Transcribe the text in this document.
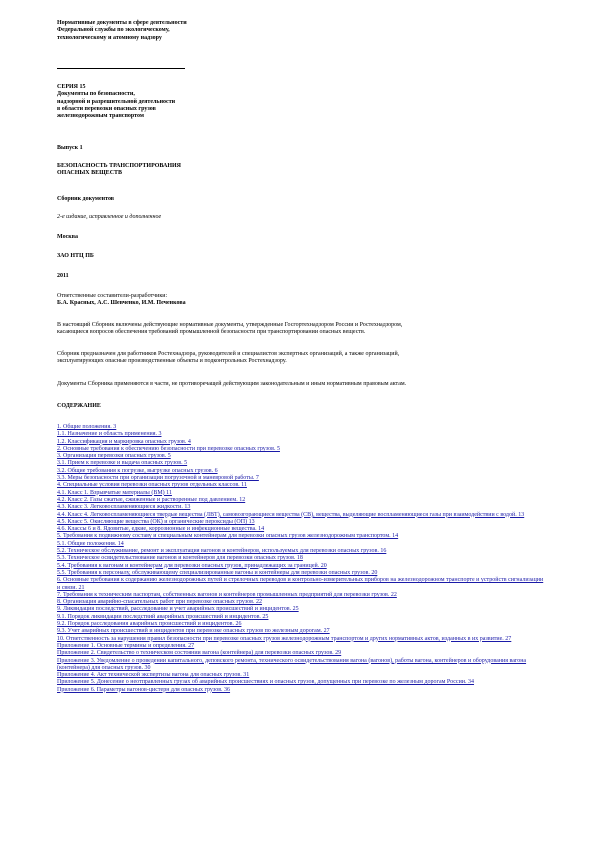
Нормативные документы в сфере деятельности
Федеральной службы по экологическому,
технологическому и атомному надзору
СЕРИЯ 15
Документы по безопасности,
надзорной и разрешительной деятельности
в области перевозки опасных грузов
железнодорожным транспортом
Выпуск 1
БЕЗОПАСНОСТЬ ТРАНСПОРТИРОВАНИЯ
ОПАСНЫХ ВЕЩЕСТВ
Сборник документов
2-е издание, исправленное и дополненное
Москва
ЗАО НТЦ ПБ
2011
Ответственные составители-разработчики:
Б.А. Красных, А.С. Шевченко, И.М. Печенкова
В настоящий Сборник включены действующие нормативные документы, утвержденные Госгортехнадзором России и Ростехнадзором,
касающиеся вопросов обеспечения требований промышленной безопасности при транспортировании опасных веществ.
Сборник предназначен для работников Ростехнадзора, руководителей и специалистов экспертных организаций, а также организаций,
эксплуатирующих опасные производственные объекты и подконтрольных Ростехнадзору.
Документы Сборника применяются в части, не противоречащей действующим законодательным и иным нормативным правовым актам.
СОДЕРЖАНИЕ
1. Общие положения. 3
1.1. Назначение и область применения. 3
1.2. Классификация и маркировка опасных грузов. 4
2. Основные требования к обеспечению безопасности при перевозке опасных грузов. 5
3. Организация перевозки опасных грузов. 5
3.1. Прием к перевозке и выдача опасных грузов. 5
3.2. Общие требования к погрузке, выгрузке опасных грузов. 6
3.3. Меры безопасности при организации погрузочной и маневровой работы. 7
4. Специальные условия перевозки опасных грузов отдельных классов. 11
4.1. Класс 1. Взрывчатые материалы (ВМ) 11
4.2. Класс 2. Газы сжатые, сжиженные и растворенные под давлением. 12
4.3. Класс 3. Легковоспламеняющиеся жидкости. 13
4.4. Класс 4. Легковоспламеняющиеся твердые вещества (ЛВТ), самовозгорающиеся вещества (СВ), вещества, выделяющие воспламеняющиеся газы при взаимодействии с водой. 13
4.5. Класс 5. Окисляющие вещества (ОК) и органические пероксиды (ОП) 13
4.6. Классы 6 и 8. Ядовитые, едкие, коррозионные и инфекционные вещества. 14
5. Требования к подвижному составу и специальным контейнерам для перевозки опасных грузов железнодорожным транспортом. 14
5.1. Общие положения. 14
5.2. Техническое обслуживание, ремонт и эксплуатация вагонов и контейнеров, используемых для перевозки опасных грузов. 16
5.3. Техническое освидетельствование вагонов и контейнеров для перевозки опасных грузов. 18
5.4. Требования к вагонам и контейнерам для перевозки опасных грузов, принадлежащих за границей. 20
5.5. Требования к персоналу, обслуживающему специализированные вагоны и контейнеры для перевозки опасных грузов. 20
6. Основные требования к содержанию железнодорожных путей и стрелочных переводов и контрольно-измерительных приборов на железнодорожном транспорте и устройств сигнализации и связи. 21
7. Требования к техническим паспортам, собственных вагонов и контейнеров промышленных предприятий для перевозки грузов. 22
8. Организация аварийно-спасательных работ при перевозке опасных грузов. 22
9. Ликвидация последствий, расследование и учет аварийных происшествий и инцидентов. 25
9.1. Порядок ликвидации последствий аварийных происшествий и инцидентов. 25
9.2. Порядок расследования аварийных происшествий и инцидентов. 26
9.3. Учет аварийных происшествий и инцидентов при перевозке опасных грузов по железным дорогам. 27
10. Ответственность за нарушения правил безопасности при перевозке опасных грузов железнодорожным транспортом и других нормативных актов, изданных в их развитие. 27
Приложение 1. Основные термины и определения. 27
Приложение 2. Свидетельство о техническом состоянии вагона (контейнера) для перевозки опасных грузов. 29
Приложение 3. Уведомление о проведении капитального, деповского ремонта, технического освидетельствования вагона (вагонов), работы вагона, контейнеров и оборудования вагона (контейнера) для опасных грузов. 30
Приложение 4. Акт технической экспертизы вагона для опасных грузов. 31
Приложение 5. Донесение о неотправленных грузах об аварийных происшествиях и опасных грузов, допущенных при перевозке по железным дорогам России. 34
Приложение 6. Параметры вагонов-цистерн для опасных грузов. 36
